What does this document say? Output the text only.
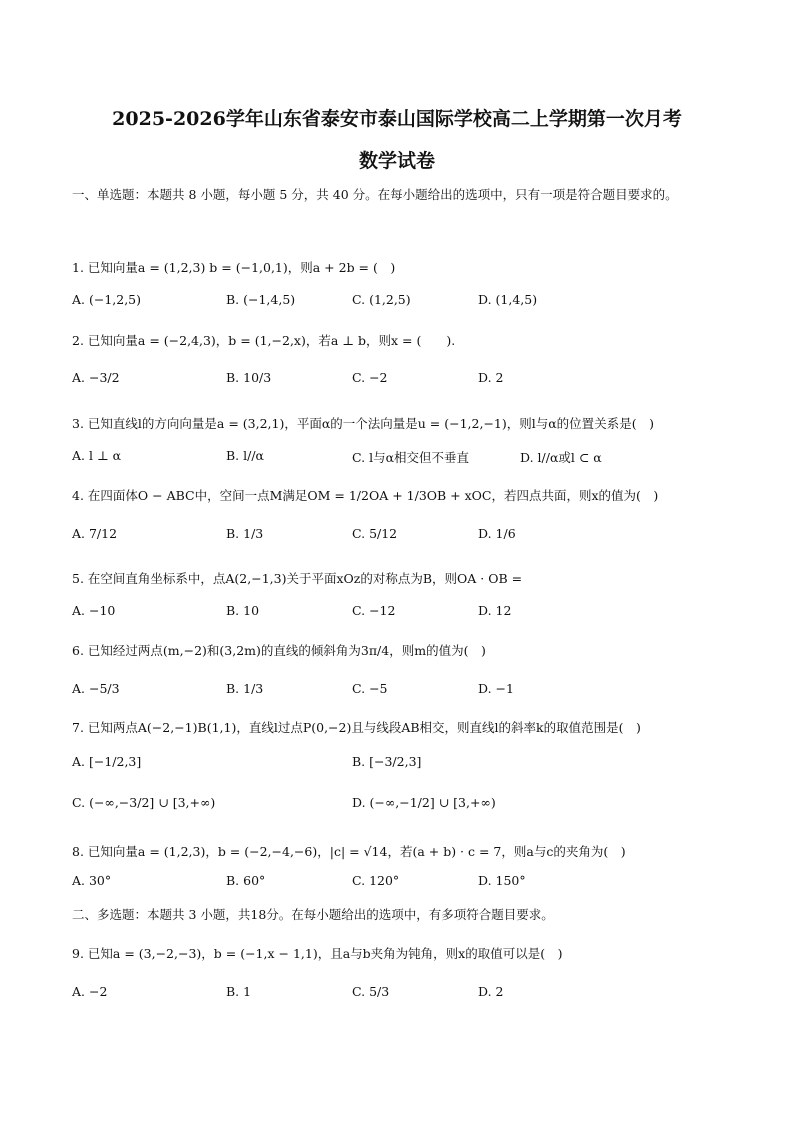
2025-2026学年山东省泰安市泰山国际学校高二上学期第一次月考
数学试卷
一、单选题：本题共 8 小题，每小题 5 分，共 40 分。在每小题给出的选项中，只有一项是符合题目要求的。
1. 已知向量a = (1,2,3) b = (−1,0,1)，则a + 2b = (　)
A. (−1,2,5)	B. (−1,4,5)	C. (1,2,5)	D. (1,4,5)
2. 已知向量a = (−2,4,3)，b = (1,−2,x)，若a ⊥ b，则x = (　　).
A. −3/2	B. 10/3	C. −2	D. 2
3. 已知直线l的方向向量是a = (3,2,1)，平面α的一个法向量是u = (−1,2,−1)，则l与α的位置关系是(　)
A. l ⊥ α	B. l//α	C. l与α相交但不垂直	D. l//α或l ⊂ α
4. 在四面体O − ABC中，空间一点M满足OM = 1/2OA + 1/3OB + xOC，若四点共面，则x的值为(　)
A. 7/12	B. 1/3	C. 5/12	D. 1/6
5. 在空间直角坐标系中，点A(2,−1,3)关于平面xOz的对称点为B，则OA · OB =
A. −10	B. 10	C. −12	D. 12
6. 已知经过两点(m,−2)和(3,2m)的直线的倾斜角为3π/4，则m的值为(　)
A. −5/3	B. 1/3	C. −5	D. −1
7. 已知两点A(−2,−1)B(1,1)，直线l过点P(0,−2)且与线段AB相交，则直线l的斜率k的取值范围是(　)
A. [−1/2,3]	B. [−3/2,3]
C. (−∞,−3/2] ∪ [3,+∞)	D. (−∞,−1/2] ∪ [3,+∞)
8. 已知向量a = (1,2,3)，b = (−2,−4,−6)，|c| = √14，若(a + b) · c = 7，则a与c的夹角为(　)
A. 30°	B. 60°	C. 120°	D. 150°
二、多选题：本题共 3 小题，共18分。在每小题给出的选项中，有多项符合题目要求。
9. 已知a = (3,−2,−3)，b = (−1,x − 1,1)，且a与b夹角为钝角，则x的取值可以是(　)
A. −2	B. 1	C. 5/3	D. 2
